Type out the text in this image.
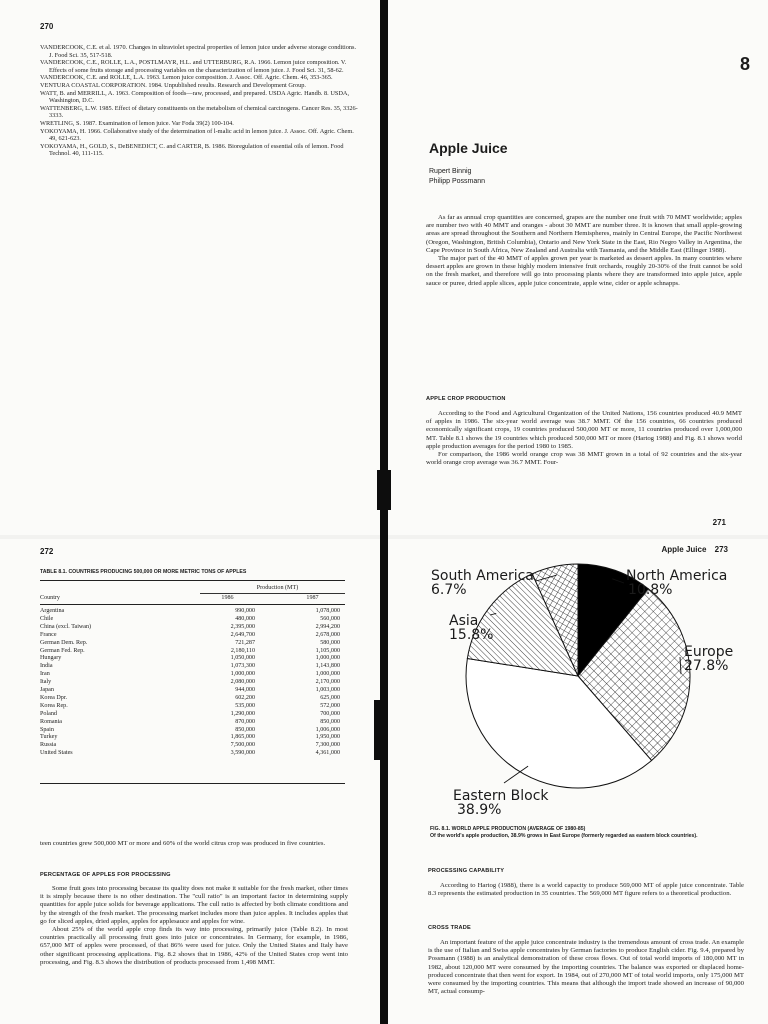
270
VANDERCOOK, C.E. et al. 1970. Changes in ultraviolet spectral properties of lemon juice under adverse storage conditions. J. Food Sci. 35, 517-518.
VANDERCOOK, C.E., ROLLE, L.A., POSTLMAYR, H.L. and UTTERBURG, R.A. 1966. Lemon juice composition. V. Effects of some fruits storage and processing variables on the characterization of lemon juice. J. Food Sci. 31, 58-62.
VANDERCOOK, C.E. and ROLLE, L.A. 1963. Lemon juice composition. J. Assoc. Off. Agric. Chem. 46, 353-365.
VENTURA COASTAL CORPORATION. 1984. Unpublished results. Research and Development Group.
WATT, B. and MERRILL, A. 1963. Composition of foods—raw, processed, and prepared. USDA Agric. Handb. 8. USDA, Washington, D.C.
WATTENBERG, L.W. 1985. Effect of dietary constituents on the metabolism of chemical carcinogens. Cancer Res. 35, 3326-3333.
WRETLING, S. 1987. Examination of lemon juice. Var Foda 39(2) 100-104.
YOKOYAMA, H. 1966. Collaborative study of the determination of l-malic acid in lemon juice. J. Assoc. Off. Agric. Chem. 49, 621-623.
YOKOYAMA, H., GOLD, S., DeBENEDICT, C. and CARTER, B. 1986. Bioregulation of essential oils of lemon. Food Technol. 40, 111-115.
8
Apple Juice
Rupert Binnig
Philipp Possmann

As far as annual crop quantities are concerned, grapes are the number one fruit with 70 MMT worldwide; apples are number two with 40 MMT and oranges - about 30 MMT are number three. It is known that small apple-growing areas are spread throughout the Southern and Northern Hemispheres, mainly in Central Europe, the Pacific Northwest (Oregon, Washington, British Columbia), Ontario and New York State in the East, Rio Negro Valley in Argentina, the Cape Province in South Africa, New Zealand and Australia with Tasmania, and the Middle East (Ellinger 1988).

The major part of the 40 MMT of apples grown per year is marketed as dessert apples. In many countries where dessert apples are grown in these highly modern intensive fruit orchards, roughly 20-30% of the fruit cannot be sold on the fresh market, and therefore will go into processing plants where they are transformed into apple juice, apple sauce or puree, dried apple slices, apple juice concentrate, apple wine, cider or apple schnapps.

APPLE CROP PRODUCTION

According to the Food and Agricultural Organization of the United Nations, 156 countries produced 40.9 MMT of apples in 1986. The six-year world average was 38.7 MMT. Of the 156 countries, 66 countries produced economically significant crops, 19 countries produced 500,000 MT or more, 11 countries produced over 1,000,000 MT. Table 8.1 shows the 19 countries which produced 500,000 MT or more (Hartog 1988) and Fig. 8.1 shows world apple production averages for the period 1980 to 1985.

For comparison, the 1986 world orange crop was 38 MMT grown in a total of 92 countries and the six-year world orange crop average was 36.7 MMT. Four-

271
272
TABLE 8.1. COUNTRIES PRODUCING 500,000 OR MORE METRIC TONS OF APPLES
Production (MT)
Country	1986	1987
Argentina	990,000	1,078,000
Chile	480,000	560,000
China (excl. Taiwan)	2,395,000	2,994,200
France	2,649,700	2,678,000
German Dem. Rep.	721,287	580,000
German Fed. Rep.	2,180,110	1,105,000
Hungary	1,050,000	1,000,000
India	1,073,300	1,143,800
Iran	1,000,000	1,000,000
Italy	2,080,000	2,170,000
Japan	944,000	1,003,000
Korea Dpr.	602,200	625,000
Korea Rep.	535,000	572,000
Poland	1,290,000	700,000
Romania	870,000	850,000
Spain	850,000	1,006,000
Turkey	1,865,000	1,950,000
Russia	7,500,000	7,300,000
United States	3,590,000	4,361,000

teen countries grew 500,000 MT or more and 60% of the world citrus crop was produced in five countries.

PERCENTAGE OF APPLES FOR PROCESSING

Some fruit goes into processing because its quality does not make it suitable for the fresh market, other times it is simply because there is no other destination. The "cull ratio" is an important factor in determining supply quantities for apple juice solids for beverage applications. The cull ratio is affected by both climate conditions and by the strength of the fresh market. The processing market includes more than juice apples. It includes apples that go for sliced apples, dried apples, apples for applesauce and apples for wine.

About 25% of the world apple crop finds its way into processing, primarily juice (Table 8.2). In most countries practically all processing fruit goes into juice or concentrates. In Germany, for example, in 1986, 657,000 MT of apples were processed, of that 86% were used for juice. Only the United States and Italy have other significant processing applications. Fig. 8.2 shows that in 1986, 42% of the United States crop went into processing, and Fig. 8.3 shows the distribution of products processed from 1,498 MMT.

Apple Juice 273
South America
6.7%
North America
10.8%
Asia
15.8%
Europe
27.8%
Eastern Block
38.9%
FIG. 8.1. WORLD APPLE PRODUCTION (AVERAGE OF 1980-85)
Of the world's apple production, 38.9% grows in East Europe (formerly regarded as eastern block countries).
PROCESSING CAPABILITY

According to Hartog (1988), there is a world capacity to produce 569,000 MT of apple juice concentrate. Table 8.3 represents the estimated production in 35 countries. The 569,000 MT figure refers to a theoretical production.

CROSS TRADE

An important feature of the apple juice concentrate industry is the tremendous amount of cross trade. An example is the use of Italian and Swiss apple concentrates by German factories to produce English cider. Fig. 9.4, prepared by Possmann (1988) is an analytical demonstration of these cross flows. Out of total world imports of 180,000 MT in 1982, about 120,000 MT were consumed by the importing countries. The balance was exported or displaced home-produced concentrate that then went for export. In 1984, out of 270,000 MT of total world imports, only 175,000 MT were consumed by the importing countries. This means that although the import trade showed an increase of 90,000 MT, actual consump-
